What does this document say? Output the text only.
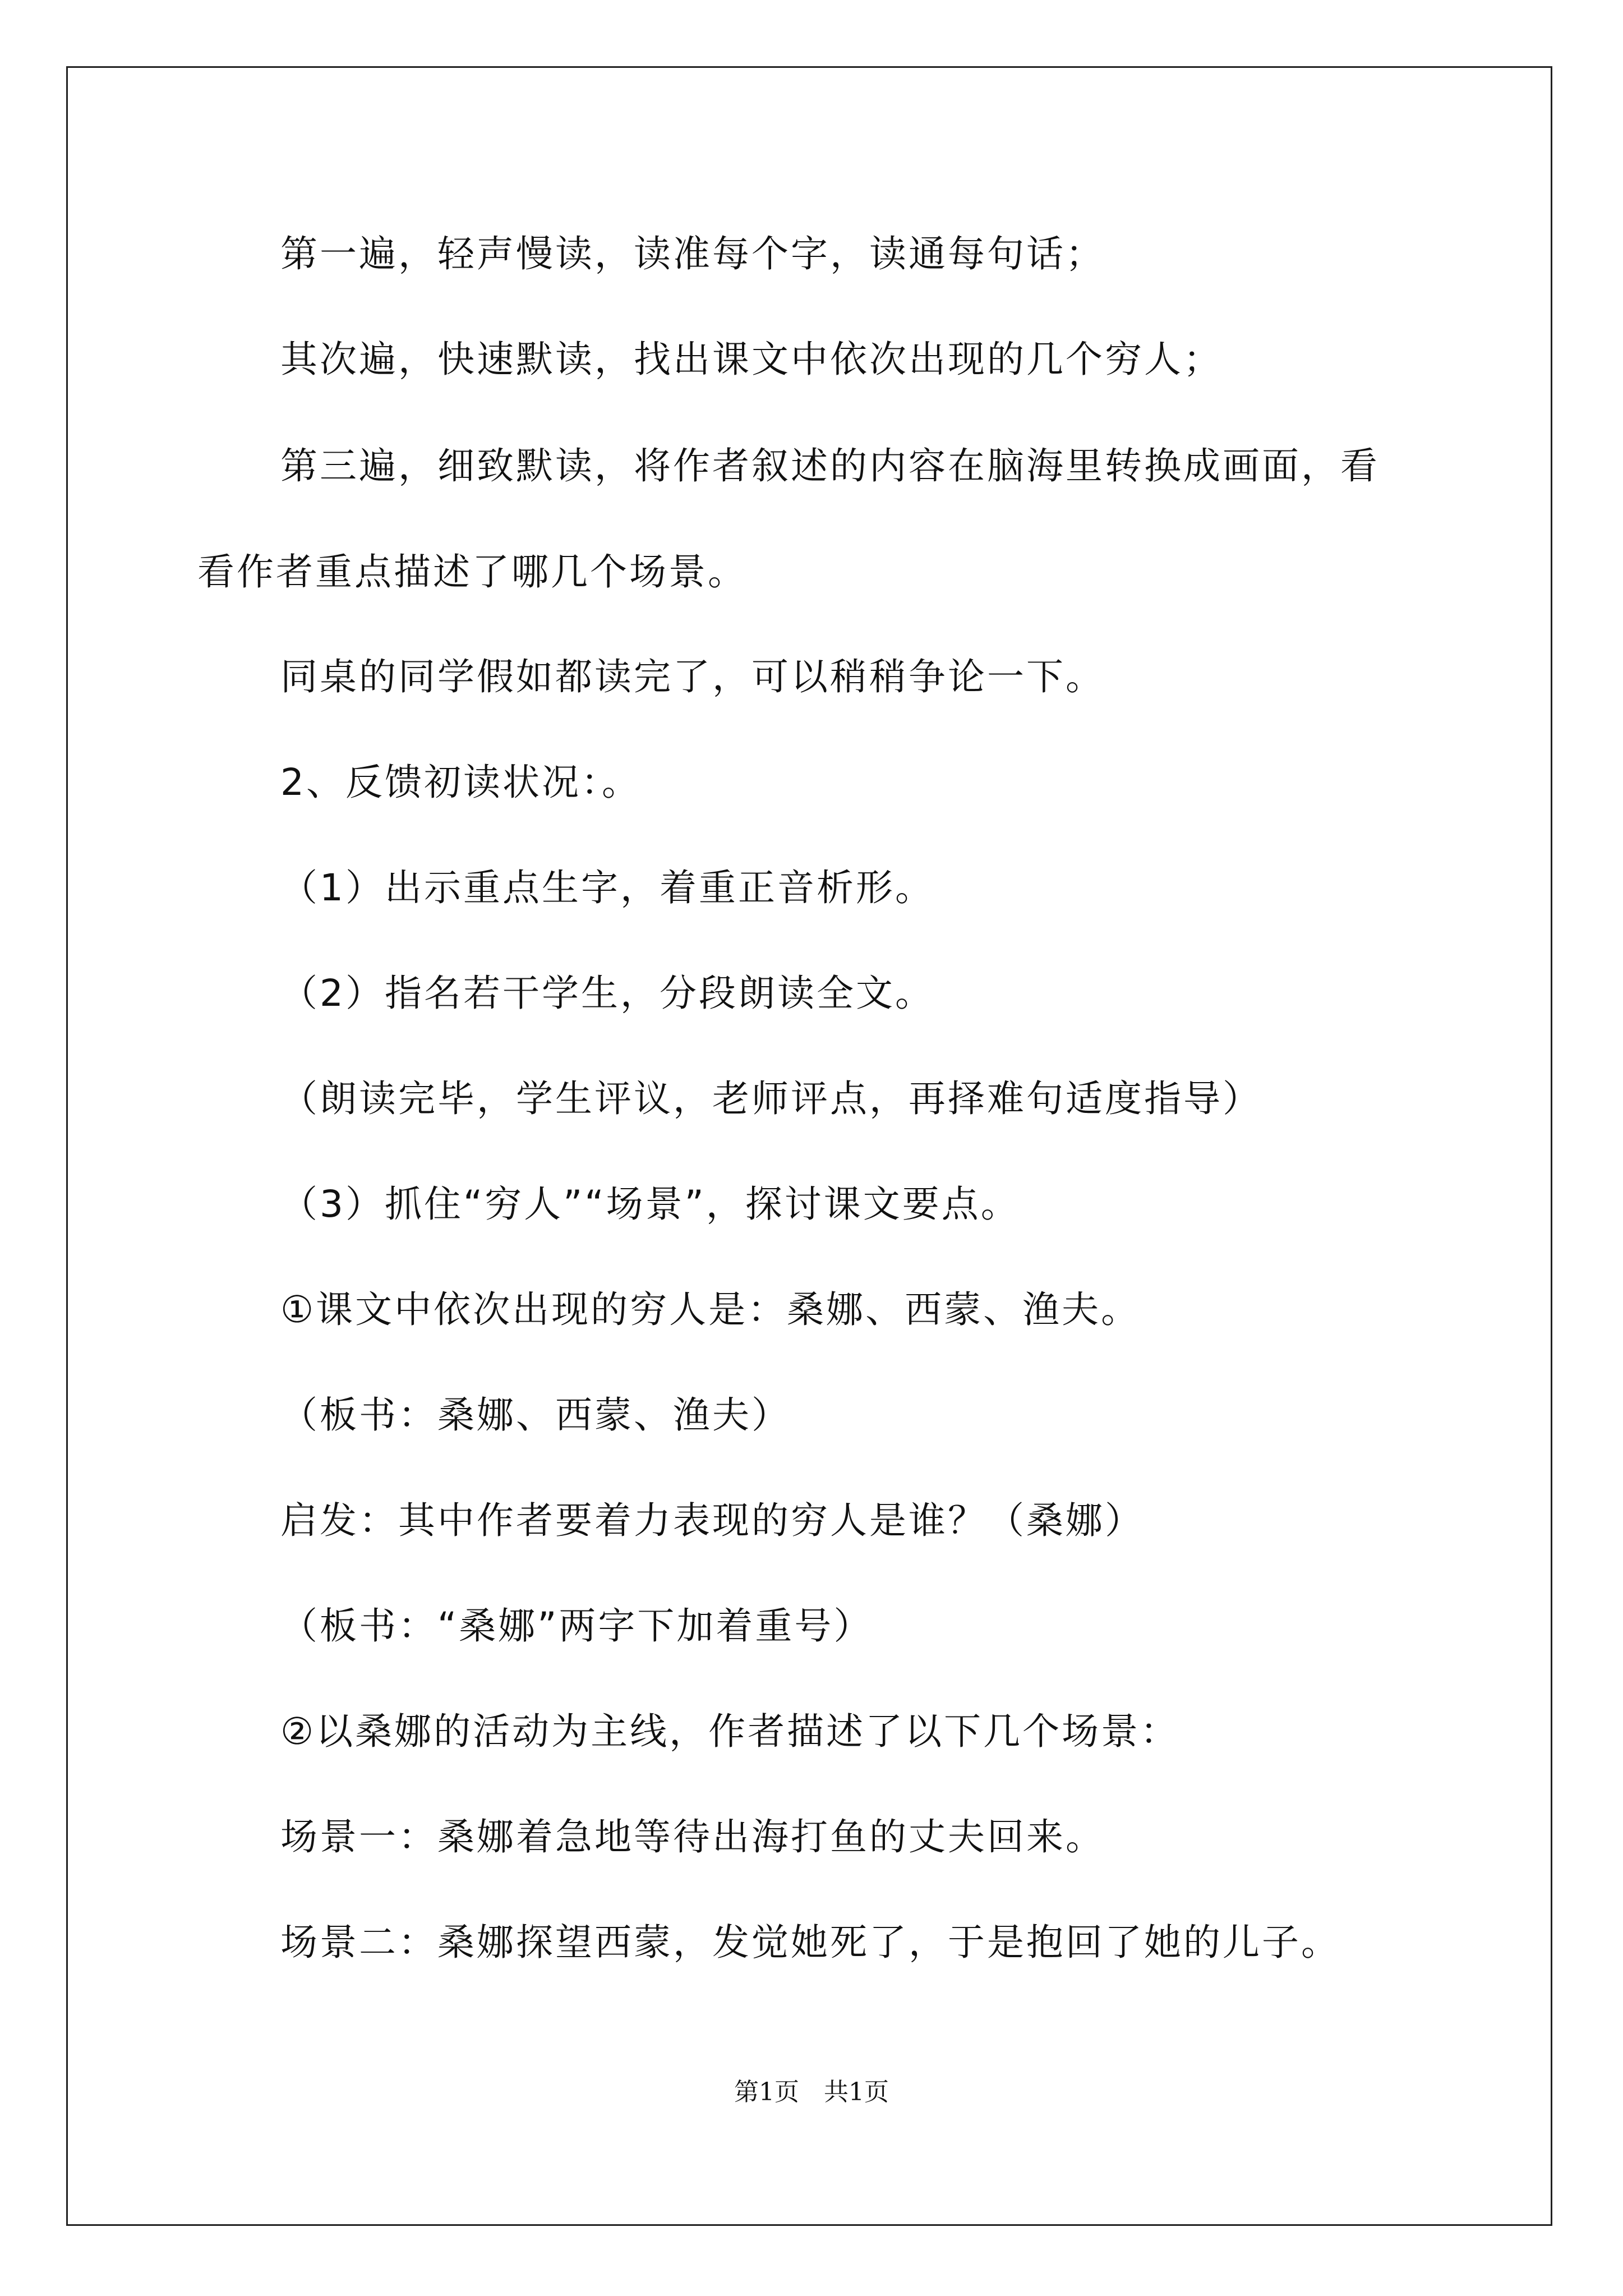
第一遍，轻声慢读，读准每个字，读通每句话；
其次遍，快速默读，找出课文中依次出现的几个穷人；
第三遍，细致默读，将作者叙述的内容在脑海里转换成画面，看
看作者重点描述了哪几个场景。
同桌的同学假如都读完了，可以稍稍争论一下。
2、反馈初读状况：。
（1）出示重点生字，着重正音析形。
（2）指名若干学生，分段朗读全文。
（朗读完毕，学生评议，老师评点，再择难句适度指导）
（3）抓住“穷人”“场景”，探讨课文要点。
①课文中依次出现的穷人是：桑娜、西蒙、渔夫。
（板书：桑娜、西蒙、渔夫）
启发：其中作者要着力表现的穷人是谁？（桑娜）
（板书：“桑娜”两字下加着重号）
②以桑娜的活动为主线，作者描述了以下几个场景：
场景一：桑娜着急地等待出海打鱼的丈夫回来。
场景二：桑娜探望西蒙，发觉她死了，于是抱回了她的儿子。
第1页　共1页
